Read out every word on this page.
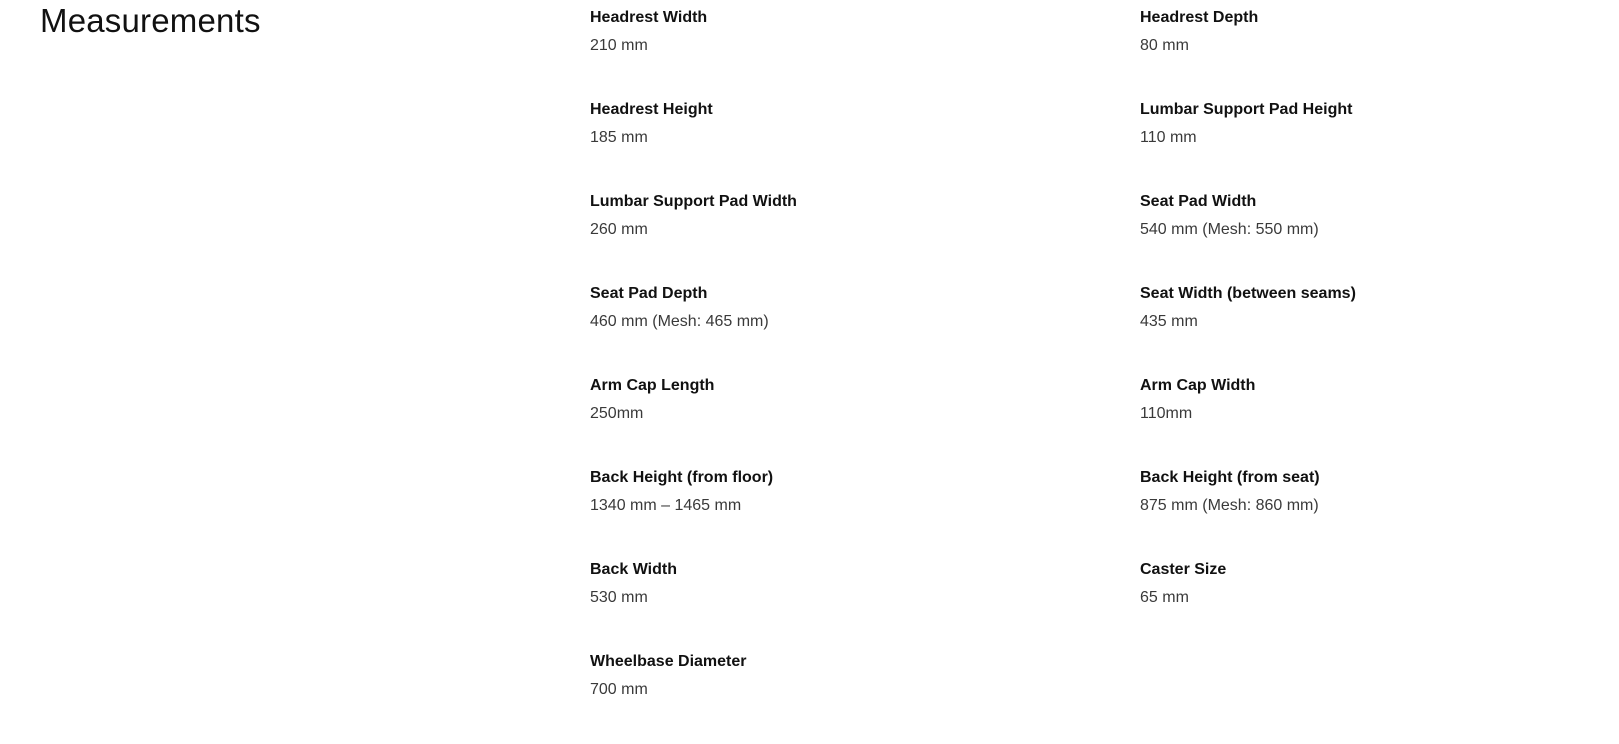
Measurements	Headrest Width
210 mm
Headrest Depth
80 mm
Headrest Height
185 mm
Lumbar Support Pad Height
110 mm
Lumbar Support Pad Width
260 mm
Seat Pad Width
540 mm (Mesh: 550 mm)
Seat Pad Depth
460 mm (Mesh: 465 mm)
Seat Width (between seams)
435 mm
Arm Cap Length
250mm
Arm Cap Width
110mm
Back Height (from floor)
1340 mm – 1465 mm
Back Height (from seat)
875 mm (Mesh: 860 mm)
Back Width
530 mm
Caster Size
65 mm
Wheelbase Diameter
700 mm
